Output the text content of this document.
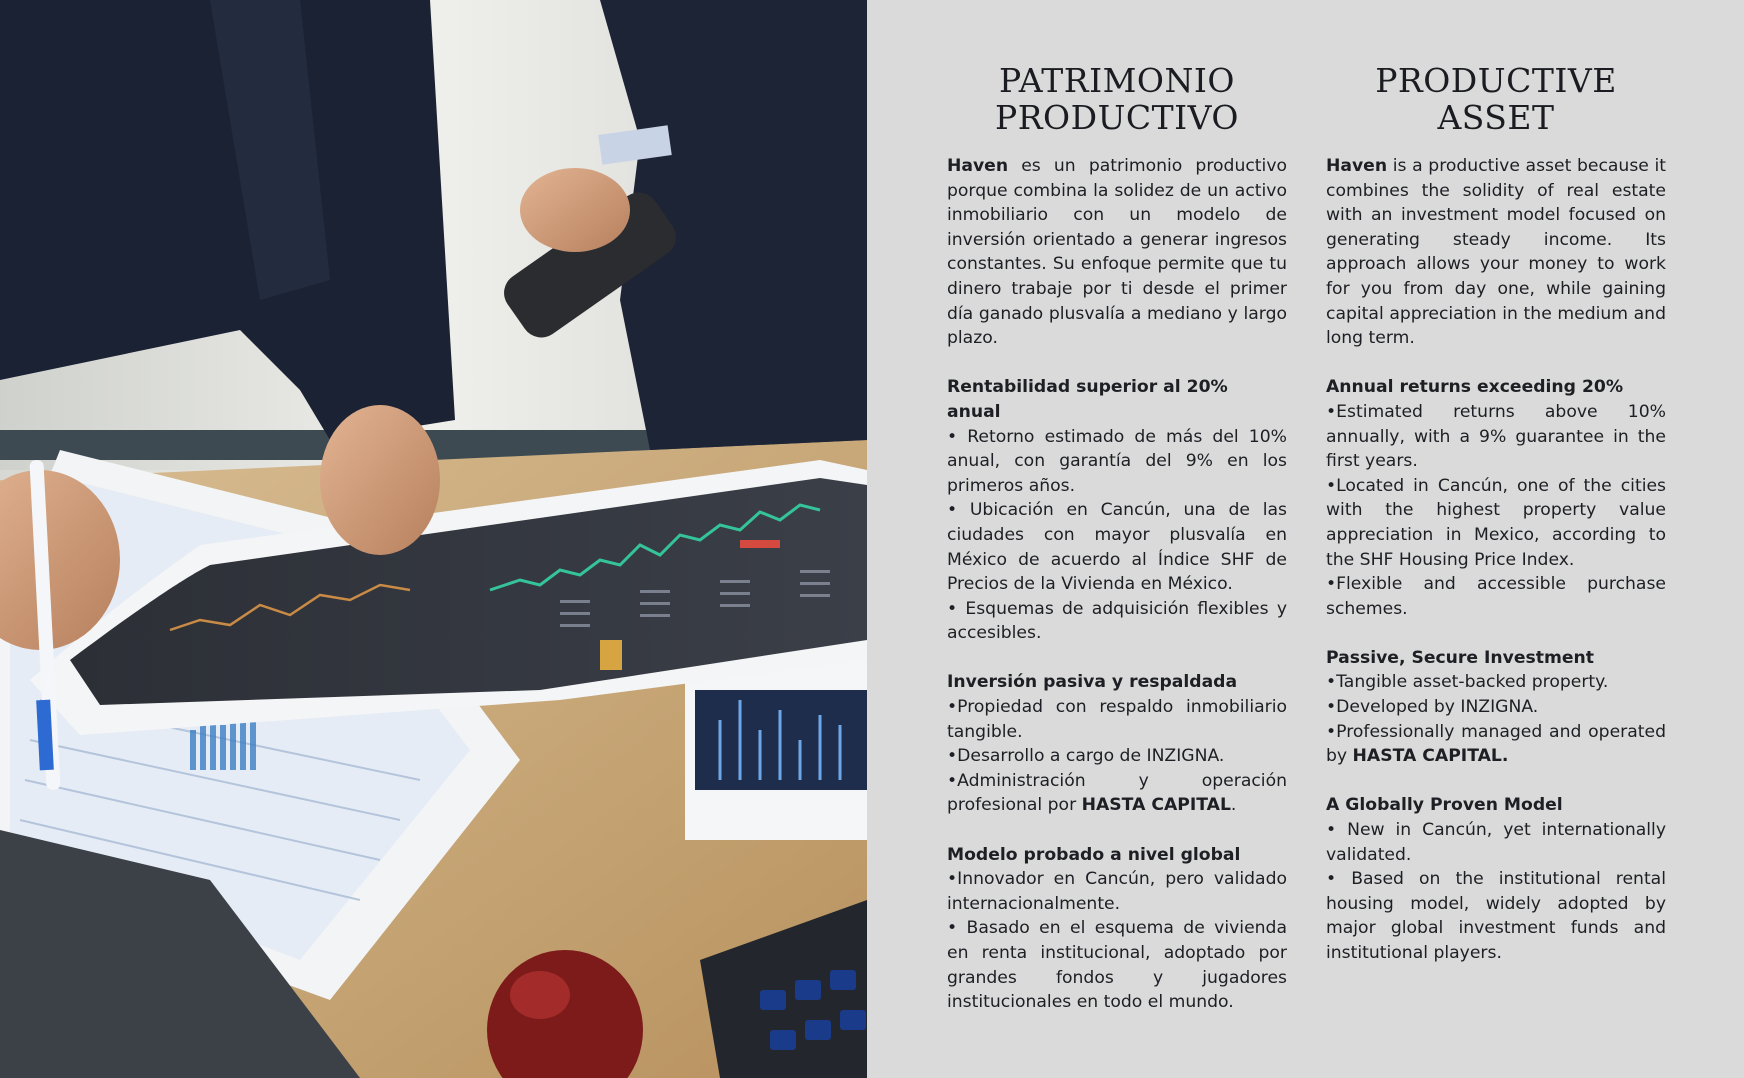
PATRIMONIO
PRODUCTIVO

Haven es un patrimonio productivo porque combina la solidez de un activo inmobiliario con un modelo de inversión orientado a generar ingresos constantes. Su enfoque permite que tu dinero trabaje por ti desde el primer día ganado plusvalía a mediano y largo plazo.

Rentabilidad superior al 20% anual

• Retorno estimado de más del 10% anual, con garantía del 9% en los primeros años.

• Ubicación en Cancún, una de las ciudades con mayor plusvalía en México de acuerdo al Índice SHF de Precios de la Vivienda en México.

• Esquemas de adquisición flexibles y accesibles.

Inversión pasiva y respaldada

•Propiedad con respaldo inmobiliario tangible.

•Desarrollo a cargo de INZIGNA.

•Administración y operación profesional por HASTA CAPITAL.

Modelo probado a nivel global

•Innovador en Cancún, pero validado internacionalmente.

• Basado en el esquema de vivienda en renta institucional, adoptado por grandes fondos y jugadores institucionales en todo el mundo.

PRODUCTIVE
ASSET

Haven is a productive asset because it combines the solidity of real estate with an investment model focused on generating steady income. Its approach allows your money to work for you from day one, while gaining capital appreciation in the medium and long term.

Annual returns exceeding 20%

•Estimated returns above 10% annually, with a 9% guarantee in the first years.

•Located in Cancún, one of the cities with the highest property value appreciation in Mexico, according to the SHF Housing Price Index.

•Flexible and accessible purchase schemes.

Passive, Secure Investment

•Tangible asset-backed property.

•Developed by INZIGNA.

•Professionally managed and operated by HASTA CAPITAL.

A Globally Proven Model

• New in Cancún, yet internationally validated.

• Based on the institutional rental housing model, widely adopted by major global investment funds and institutional players.
